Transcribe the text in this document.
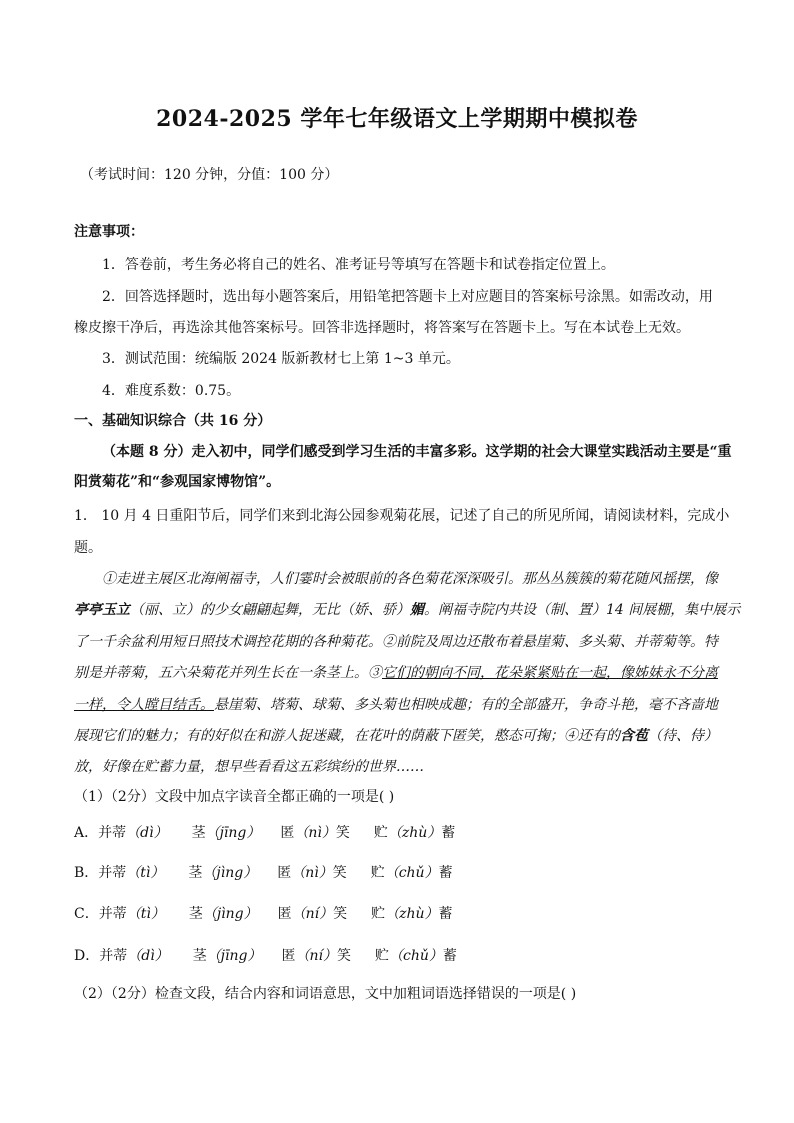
2024-2025 学年七年级语文上学期期中模拟卷
（考试时间：120 分钟，分值：100 分）
注意事项：
1．答卷前，考生务必将自己的姓名、准考证号等填写在答题卡和试卷指定位置上。
2．回答选择题时，选出每小题答案后，用铅笔把答题卡上对应题目的答案标号涂黑。如需改动，用
橡皮擦干净后，再选涂其他答案标号。回答非选择题时，将答案写在答题卡上。写在本试卷上无效。
3．测试范围：统编版 2024 版新教材七上第 1~3 单元。
4．难度系数：0.75。
一、基础知识综合（共 16 分）
（本题 8 分）走入初中，同学们感受到学习生活的丰富多彩。这学期的社会大课堂实践活动主要是“重
阳赏菊花”和“参观国家博物馆”。
1． 10 月 4 日重阳节后，同学们来到北海公园参观菊花展，记述了自己的所见所闻，请阅读材料，完成小
题。
①走进主展区北海阐福寺，人们霎时会被眼前的各色菊花深深吸引。那丛丛簇簇的菊花随风摇摆，像
亭亭玉立（丽、立）的少女翩翩起舞，无比（娇、骄）媚。阐福寺院内共设（制、置）14 间展棚，集中展示
了一千余盆利用短日照技术调控花期的各种菊花。②前院及周边还散布着悬崖菊、多头菊、并蒂菊等。特
别是并蒂菊，五六朵菊花并列生长在一条茎上。③它们的朝向不同，花朵紧紧贴在一起，像姊妹永不分离
一样，令人瞠目结舌。悬崖菊、塔菊、球菊、多头菊也相映成趣；有的全部盛开，争奇斗艳，毫不吝啬地
展现它们的魅力；有的好似在和游人捉迷藏，在花叶的荫蔽下匿笑，憨态可掬；④还有的含苞（待、侍）
放，好像在贮蓄力量，想早些看看这五彩缤纷的世界……
（1）（2分）文段中加点字读音全都正确的一项是( )
A．并蒂（dì） 茎（jīng） 匿（nì）笑 贮（zhù）蓄
B．并蒂（tì） 茎（jìng） 匿（nì）笑 贮（chǔ）蓄
C．并蒂（tì） 茎（jìng） 匿（ní）笑 贮（zhù）蓄
D．并蒂（dì） 茎（jīng） 匿（ní）笑 贮（chǔ）蓄
（2）（2分）检查文段，结合内容和词语意思，文中加粗词语选择错误的一项是( )
